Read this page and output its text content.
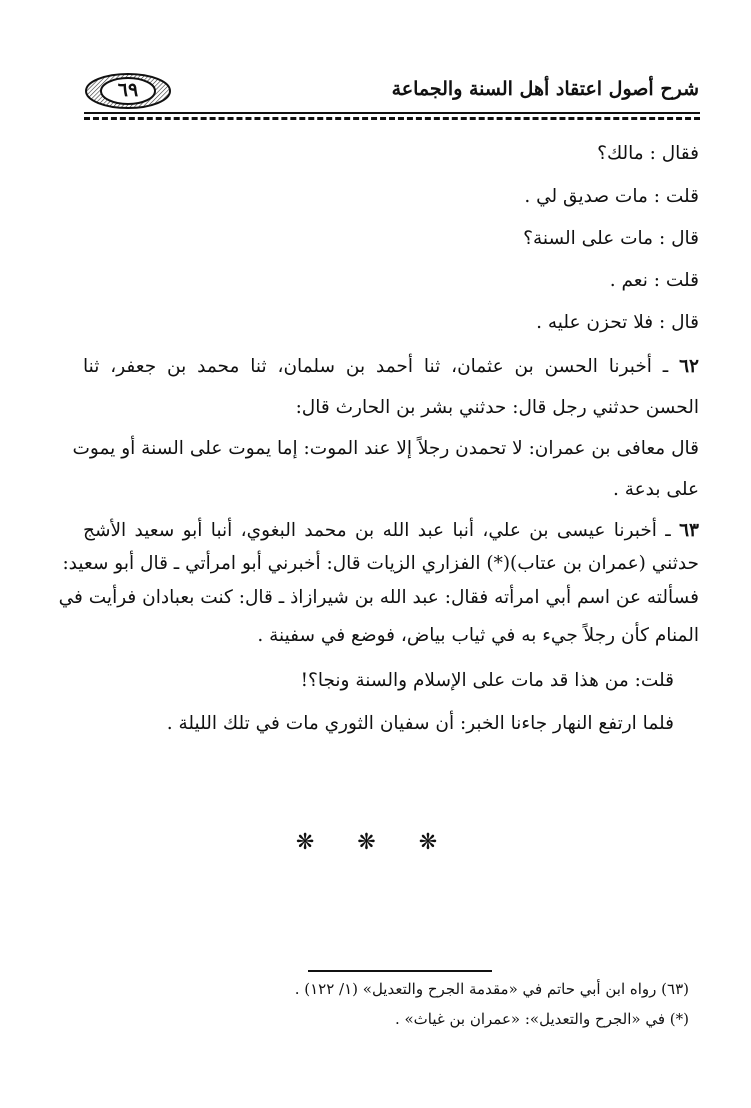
شرح أصول اعتقاد أهل السنة والجماعة
٦٩
فقال : مالك؟
قلت : مات صديق لي .
قال : مات على السنة؟
قلت : نعم .
قال : فلا تحزن عليه .
٦٢ ـ أخبرنا الحسن بن عثمان، ثنا أحمد بن سلمان، ثنا محمد بن جعفر، ثنا
الحسن حدثني رجل قال: حدثني بشر بن الحارث قال:
قال معافى بن عمران: لا تحمدن رجلاً إلا عند الموت: إما يموت على السنة أو يموت
على بدعة .
٦٣ ـ أخبرنا عيسى بن علي، أنبا عبد الله بن محمد البغوي، أنبا أبو سعيد الأشج
حدثني (عمران بن عتاب)(*) الفزاري الزيات قال: أخبرني أبو امرأتي ـ قال أبو سعيد:
فسألته عن اسم أبي امرأته فقال: عبد الله بن شيرازاذ ـ قال: كنت بعبادان فرأيت في
المنام كأن رجلاً جيء به في ثياب بياض، فوضع في سفينة .
قلت: من هذا قد مات على الإسلام والسنة ونجا؟!
فلما ارتفع النهار جاءنا الخبر: أن سفيان الثوري مات في تلك الليلة .
❋ ❋ ❋
(٦٣) رواه ابن أبي حاتم في «مقدمة الجرح والتعديل» (١/ ١٢٢) .
(*) في «الجرح والتعديل»: «عمران بن غياث» .
